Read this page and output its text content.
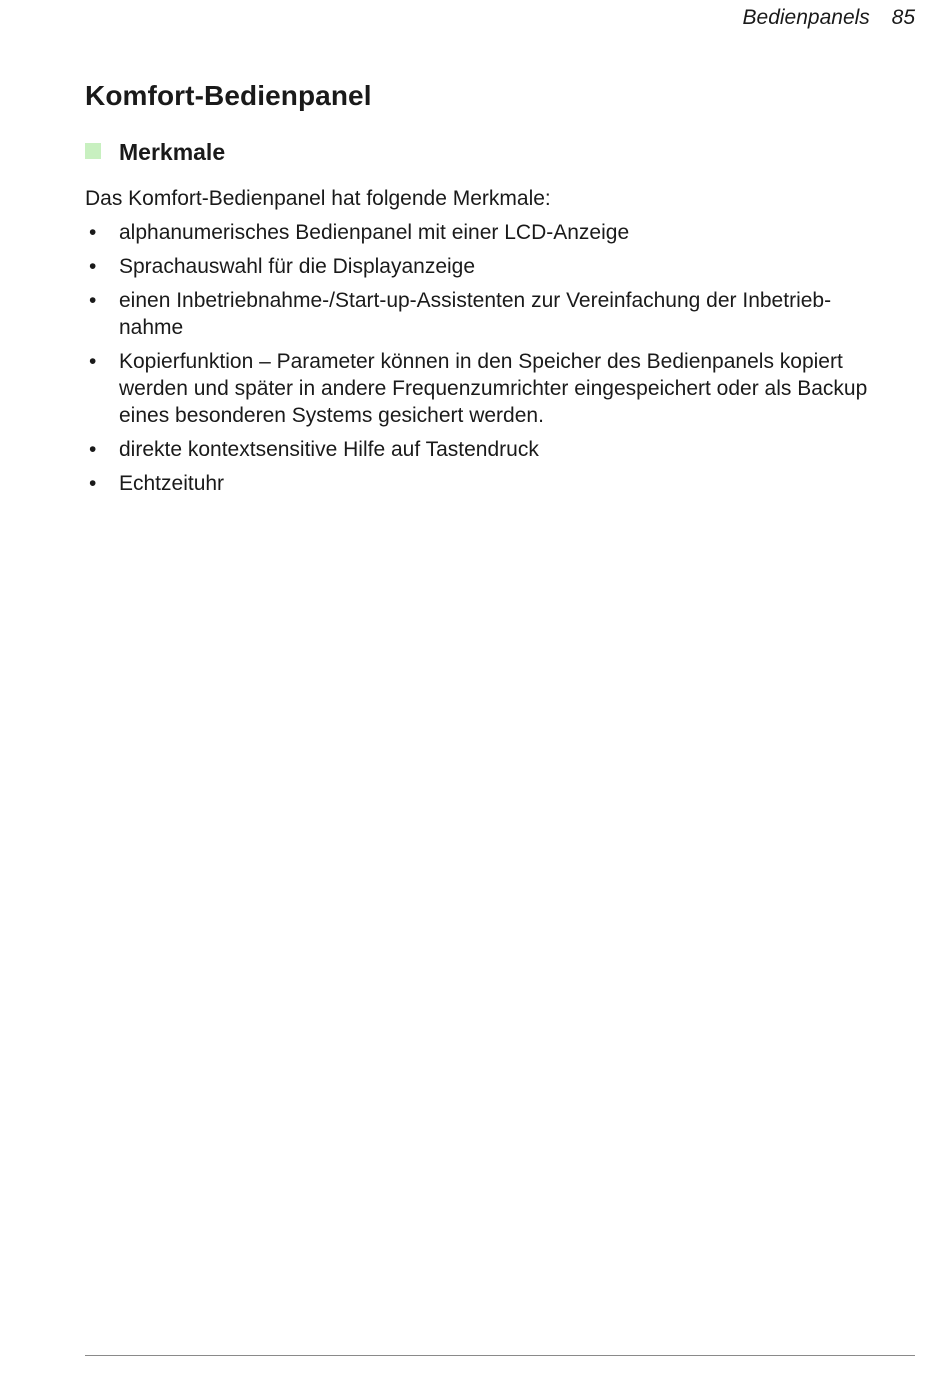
Bedienpanels 85
Komfort-Bedienpanel
Merkmale

Das Komfort-Bedienpanel hat folgende Merkmale:

• alphanumerisches Bedienpanel mit einer LCD-Anzeige
• Sprachauswahl für die Displayanzeige
• einen Inbetriebnahme-/Start-up-Assistenten zur Vereinfachung der Inbetrieb-
nahme
• Kopierfunktion – Parameter können in den Speicher des Bedienpanels kopiert
werden und später in andere Frequenzumrichter eingespeichert oder als Backup
eines besonderen Systems gesichert werden.
• direkte kontextsensitive Hilfe auf Tastendruck
• Echtzeituhr
